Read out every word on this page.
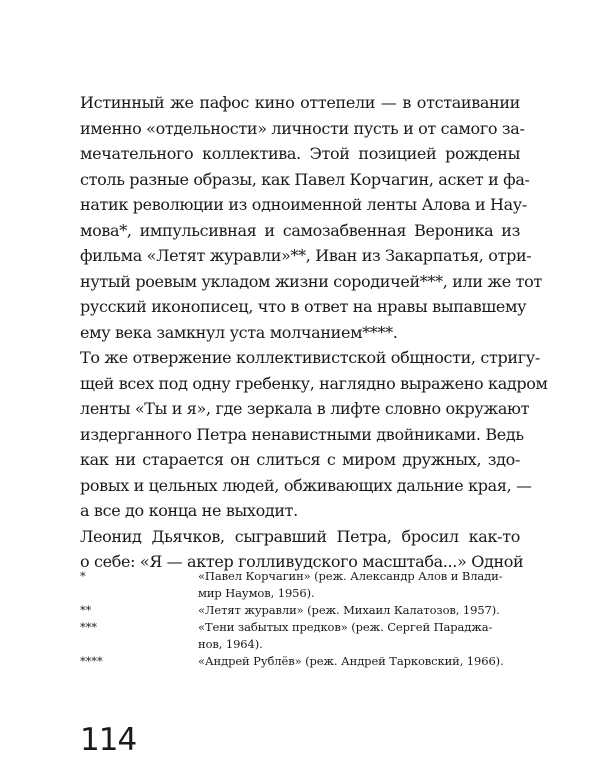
Истинный же пафос кино оттепели — в отстаивании
именно «отдельности» личности пусть и от самого за-
мечательного коллектива. Этой позицией рождены
столь разные образы, как Павел Корчагин, аскет и фа-
натик революции из одноименной ленты Алова и Нау-
мова*, импульсивная и самозабвенная Вероника из
фильма «Летят журавли»**, Иван из Закарпатья, отри-
нутый роевым укладом жизни сородичей***, или же тот
русский иконописец, что в ответ на нравы выпавшему
ему века замкнул уста молчанием****.
То же отвержение коллективистской общности, стригу-
щей всех под одну гребенку, наглядно выражено кадром
ленты «Ты и я», где зеркала в лифте словно окружают
издерганного Петра ненавистными двойниками. Ведь
как ни старается он слиться с миром дружных, здо-
ровых и цельных людей, обживающих дальние края, —
а все до конца не выходит.
Леонид Дьячков, сыгравший Петра, бросил как-то
о себе: «Я — актер голливудского масштаба...» Одной
*	«Павел Корчагин» (реж. Александр Алов и Влади-
мир Наумов, 1956).
**	«Летят журавли» (реж. Михаил Калатозов, 1957).
***	«Тени забытых предков» (реж. Сергей Параджа-
нов, 1964).
****	«Андрей Рублёв» (реж. Андрей Тарковский, 1966).
114
